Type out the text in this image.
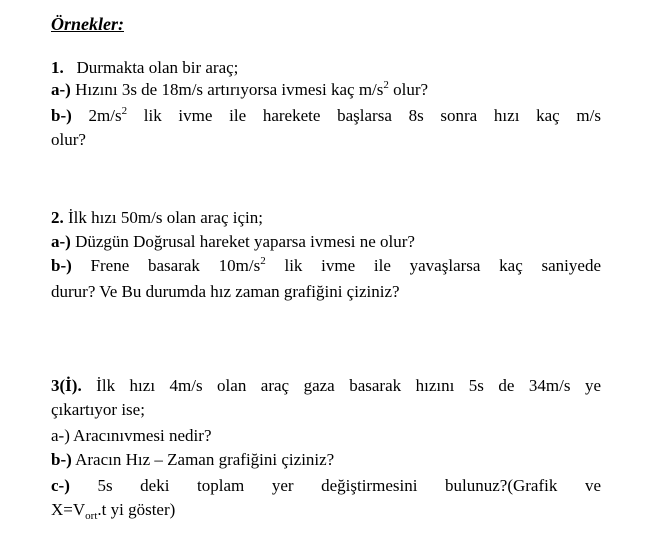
Örnekler:
1. Durmakta olan bir araç;
a-) Hızını 3s de 18m/s artırıyorsa ivmesi kaç $m/s^2$ olur?
b-) $2m/s^2$ lik ivme ile harekete başlarsa 8s sonra hızı kaç m/s
olur?
2. İlk hızı 50m/s olan araç için;
a-) Düzgün Doğrusal hareket yaparsa ivmesi ne olur?
b-) Frene basarak $10m/s^2$ lik ivme ile yavaşlarsa kaç saniyede
durur? Ve Bu durumda hız zaman grafiğini çiziniz?
3(İ). İlk hızı 4m/s olan araç gaza basarak hızını 5s de 34m/s ye
çıkartıyor ise;
a-) Aracınıvmesi nedir?
b-) Aracın Hız – Zaman grafiğini çiziniz?
c-) 5s deki toplam yer değiştirmesini bulunuz?(Grafik ve
$X=V_{ort}.t$ yi göster)
